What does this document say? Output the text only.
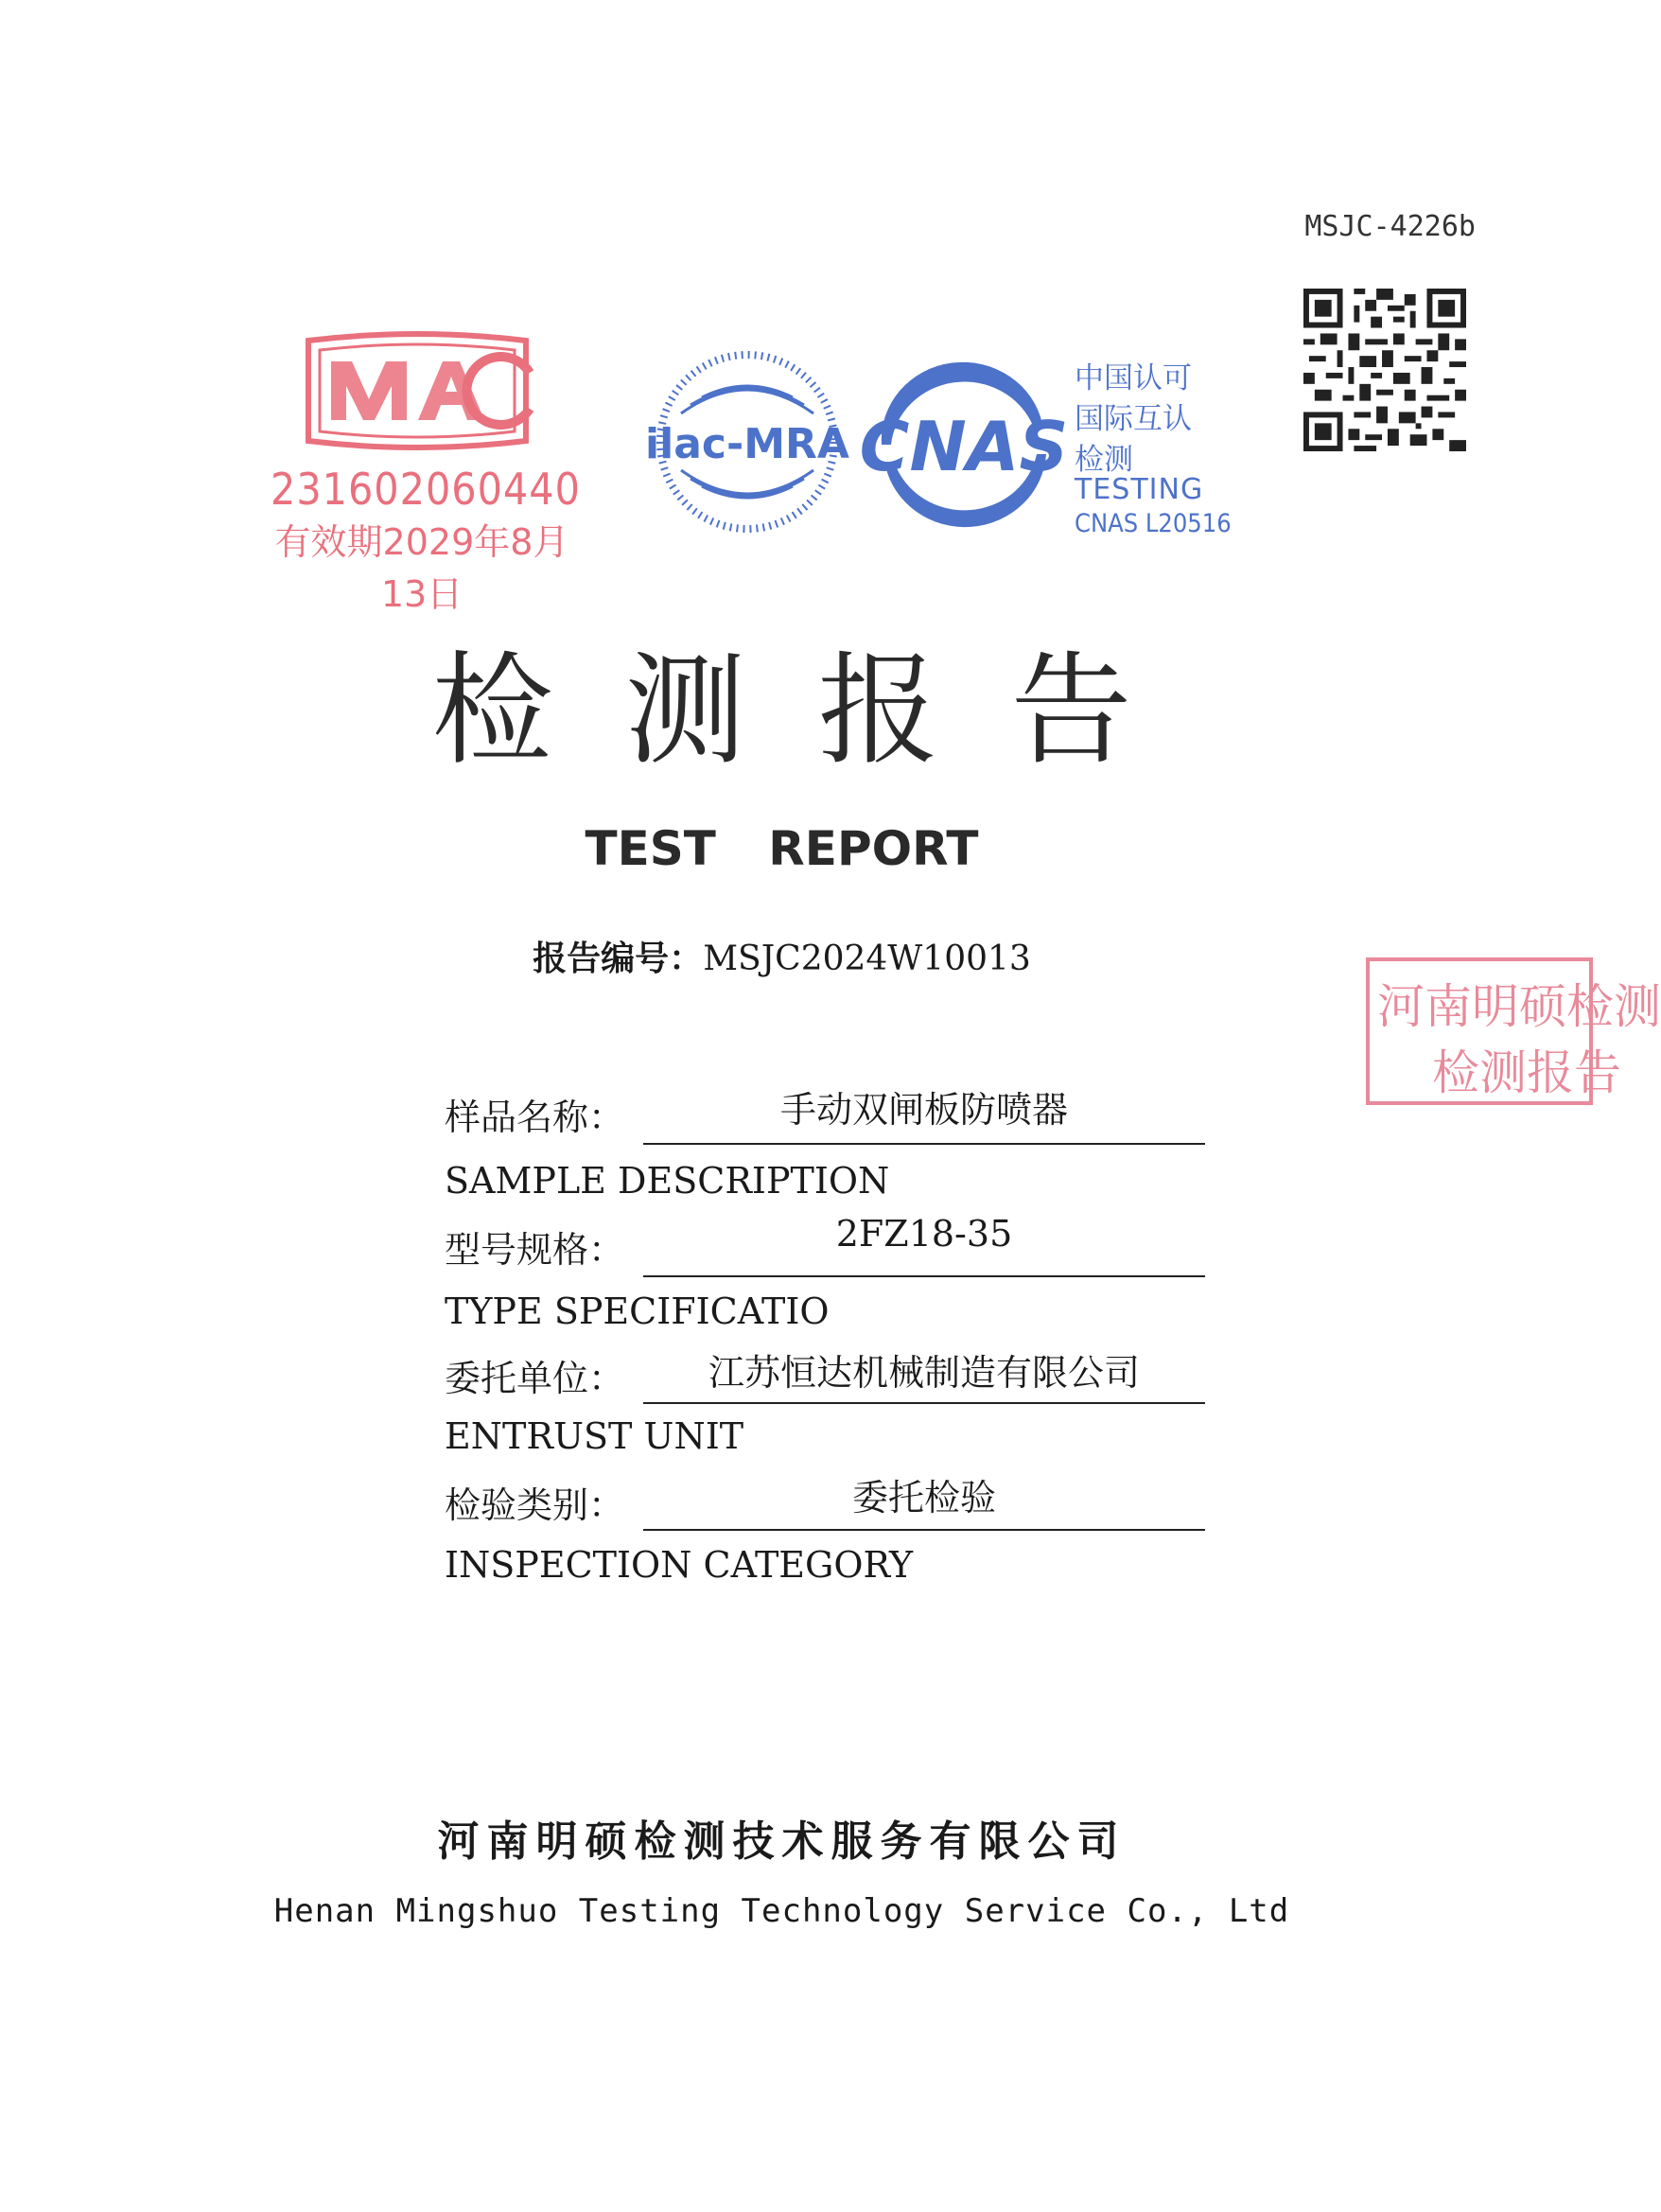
MSJC-4226b
231602060440
有效期2029年8月13日
ilac-MRA CNAS
中国认可
国际互认
检测
TESTING
CNAS L20516
河南明硕检测
检测报告
检测报告
TEST REPORT
报告编号：MSJC2024W10013
样品名称：	手动双闸板防喷器
SAMPLE DESCRIPTION
型号规格：	2FZ18-35
TYPE SPECIFICATIO
委托单位：	江苏恒达机械制造有限公司
ENTRUST UNIT
检验类别：	委托检验
INSPECTION CATEGORY
河南明硕检测技术服务有限公司
Henan Mingshuo Testing Technology Service Co., Ltd
